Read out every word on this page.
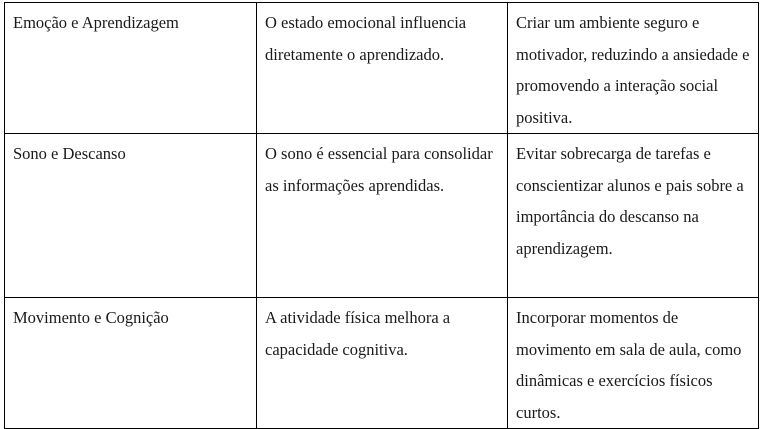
Emoção e Aprendizagem	O estado emocional influencia diretamente o aprendizado.	Criar um ambiente seguro e motivador, reduzindo a ansiedade e promovendo a interação social positiva.
Sono e Descanso	O sono é essencial para consolidar as informações aprendidas.	Evitar sobrecarga de tarefas e conscientizar alunos e pais sobre a importância do descanso na aprendizagem.
Movimento e Cognição	A atividade física melhora a capacidade cognitiva.	Incorporar momentos de movimento em sala de aula, como dinâmicas e exercícios físicos curtos.
